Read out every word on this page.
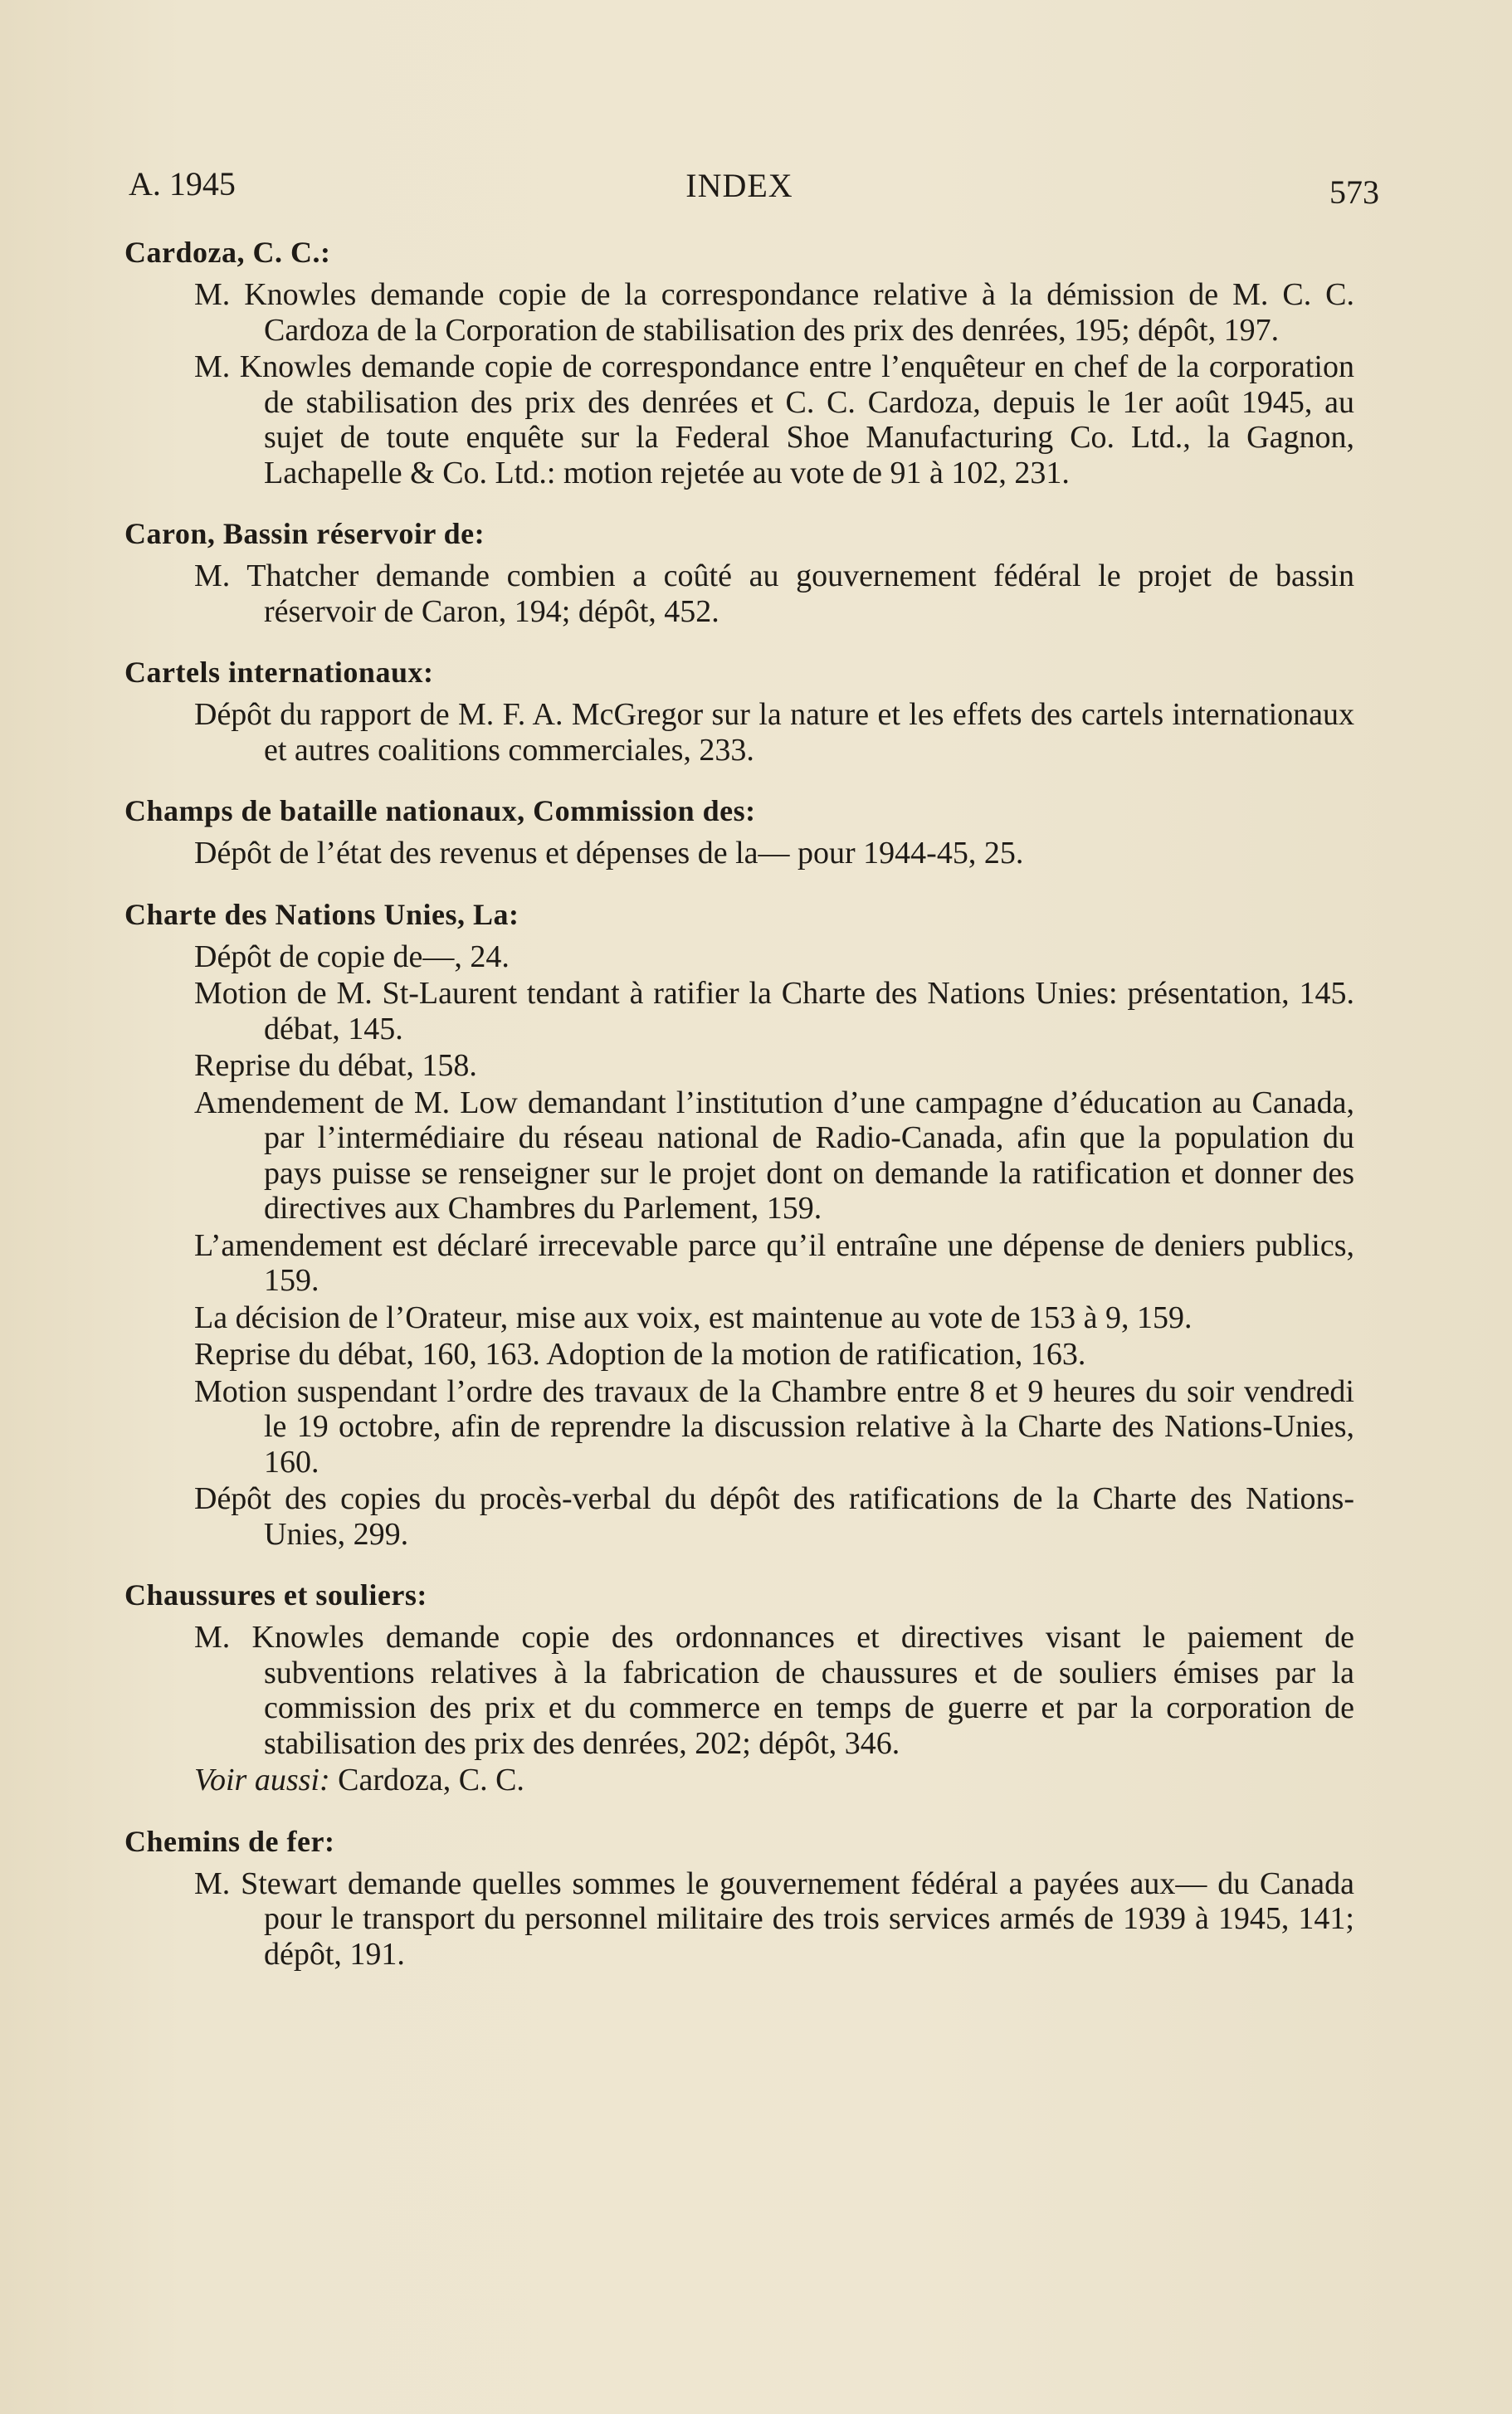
A. 1945	INDEX	573

Cardoza, C. C.:

M. Knowles demande copie de la correspondance relative à la démission de M. C. C. Cardoza de la Corporation de stabilisation des prix des denrées, 195; dépôt, 197.

M. Knowles demande copie de correspondance entre l’enquêteur en chef de la corporation de stabilisation des prix des denrées et C. C. Cardoza, depuis le 1er août 1945, au sujet de toute enquête sur la Federal Shoe Manufacturing Co. Ltd., la Gagnon, Lachapelle & Co. Ltd.: motion rejetée au vote de 91 à 102, 231.

Caron, Bassin réservoir de:

M. Thatcher demande combien a coûté au gouvernement fédéral le projet de bassin réservoir de Caron, 194; dépôt, 452.

Cartels internationaux:

Dépôt du rapport de M. F. A. McGregor sur la nature et les effets des cartels internationaux et autres coalitions commerciales, 233.

Champs de bataille nationaux, Commission des:

Dépôt de l’état des revenus et dépenses de la— pour 1944-45, 25.

Charte des Nations Unies, La:

Dépôt de copie de—, 24.

Motion de M. St-Laurent tendant à ratifier la Charte des Nations Unies: présentation, 145. débat, 145.

Reprise du débat, 158.

Amendement de M. Low demandant l’institution d’une campagne d’éducation au Canada, par l’intermédiaire du réseau national de Radio-Canada, afin que la population du pays puisse se renseigner sur le projet dont on demande la ratification et donner des directives aux Chambres du Parlement, 159.

L’amendement est déclaré irrecevable parce qu’il entraîne une dépense de deniers publics, 159.

La décision de l’Orateur, mise aux voix, est maintenue au vote de 153 à 9, 159.

Reprise du débat, 160, 163. Adoption de la motion de ratification, 163.

Motion suspendant l’ordre des travaux de la Chambre entre 8 et 9 heures du soir vendredi le 19 octobre, afin de reprendre la discussion relative à la Charte des Nations-Unies, 160.

Dépôt des copies du procès-verbal du dépôt des ratifications de la Charte des Nations-Unies, 299.

Chaussures et souliers:

M. Knowles demande copie des ordonnances et directives visant le paiement de subventions relatives à la fabrication de chaussures et de souliers émises par la commission des prix et du commerce en temps de guerre et par la corporation de stabilisation des prix des denrées, 202; dépôt, 346.

Voir aussi: Cardoza, C. C.

Chemins de fer:

M. Stewart demande quelles sommes le gouvernement fédéral a payées aux— du Canada pour le transport du personnel militaire des trois services armés de 1939 à 1945, 141; dépôt, 191.
